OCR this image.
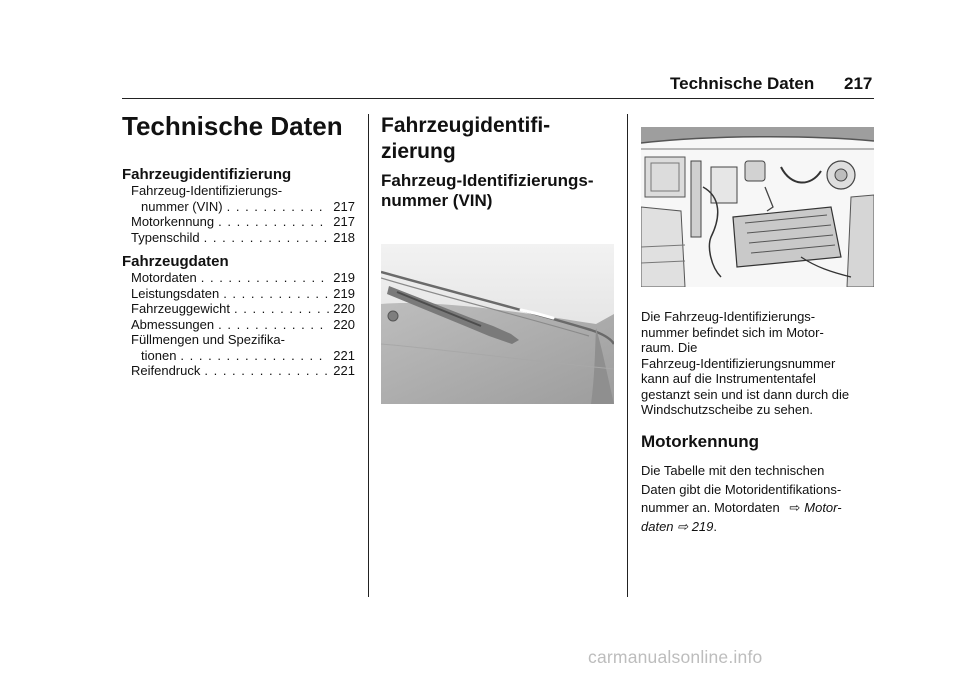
Technische Daten 217
Technische Daten
Fahrzeugidentifizierung
Fahrzeug-Identifizierungs-
nummer (VIN) . . .	217
Motorkennung . . .	217
Typenschild . . .	218
Fahrzeugdaten
Motordaten . . .	219
Leistungsdaten . . .	219
Fahrzeuggewicht . . .	220
Abmessungen . . .	220
Füllmengen und Spezifika-
tionen . . .	221
Reifendruck . . .	221
Fahrzeugidentifi-
zierung
Fahrzeug-Identifizierungs-
nummer (VIN)
Die Fahrzeug-Identifizierungs-
nummer befindet sich im Motor-
raum. Die
Fahrzeug-Identifizierungsnummer
kann auf die Instrumententafel
gestanzt sein und ist dann durch die
Windschutzscheibe zu sehen.
Motorkennung
Die Tabelle mit den technischen
Daten gibt die Motoridentifikations-
nummer an. Motordaten ⇨ Motor-
daten ⇨ 219.
carmanualsonline.info
